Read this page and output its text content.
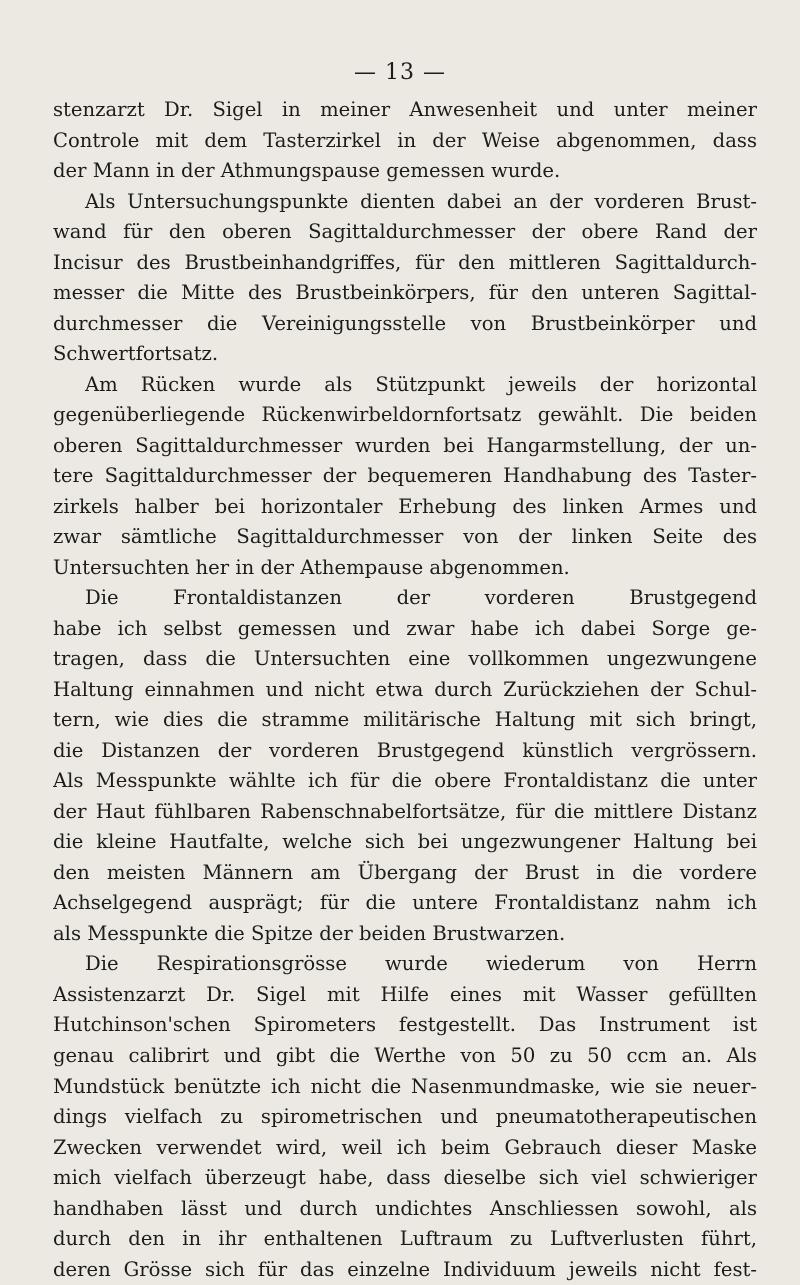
— 13 —
stenzarzt Dr. Sigel in meiner Anwesenheit und unter meiner
Controle mit dem Tasterzirkel in der Weise abgenommen, dass
der Mann in der Athmungspause gemessen wurde.
Als Untersuchungspunkte dienten dabei an der vorderen Brust-
wand für den oberen Sagittaldurchmesser der obere Rand der
Incisur des Brustbeinhandgriffes, für den mittleren Sagittaldurch-
messer die Mitte des Brustbeinkörpers, für den unteren Sagittal-
durchmesser die Vereinigungsstelle von Brustbeinkörper und
Schwertfortsatz.
Am Rücken wurde als Stützpunkt jeweils der horizontal
gegenüberliegende Rückenwirbeldornfortsatz gewählt. Die beiden
oberen Sagittaldurchmesser wurden bei Hangarmstellung, der un-
tere Sagittaldurchmesser der bequemeren Handhabung des Taster-
zirkels halber bei horizontaler Erhebung des linken Armes und
zwar sämtliche Sagittaldurchmesser von der linken Seite des
Untersuchten her in der Athempause abgenommen.
Die Frontaldistanzen der vorderen Brustgegend
habe ich selbst gemessen und zwar habe ich dabei Sorge ge-
tragen, dass die Untersuchten eine vollkommen ungezwungene
Haltung einnahmen und nicht etwa durch Zurückziehen der Schul-
tern, wie dies die stramme militärische Haltung mit sich bringt,
die Distanzen der vorderen Brustgegend künstlich vergrössern.
Als Messpunkte wählte ich für die obere Frontaldistanz die unter
der Haut fühlbaren Rabenschnabelfortsätze, für die mittlere Distanz
die kleine Hautfalte, welche sich bei ungezwungener Haltung bei
den meisten Männern am Übergang der Brust in die vordere
Achselgegend ausprägt; für die untere Frontaldistanz nahm ich
als Messpunkte die Spitze der beiden Brustwarzen.
Die Respirationsgrösse wurde wiederum von Herrn
Assistenzarzt Dr. Sigel mit Hilfe eines mit Wasser gefüllten
Hutchinson'schen Spirometers festgestellt. Das Instrument ist
genau calibrirt und gibt die Werthe von 50 zu 50 ccm an. Als
Mundstück benützte ich nicht die Nasenmundmaske, wie sie neuer-
dings vielfach zu spirometrischen und pneumatotherapeutischen
Zwecken verwendet wird, weil ich beim Gebrauch dieser Maske
mich vielfach überzeugt habe, dass dieselbe sich viel schwieriger
handhaben lässt und durch undichtes Anschliessen sowohl, als
durch den in ihr enthaltenen Luftraum zu Luftverlusten führt,
deren Grösse sich für das einzelne Individuum jeweils nicht fest-
